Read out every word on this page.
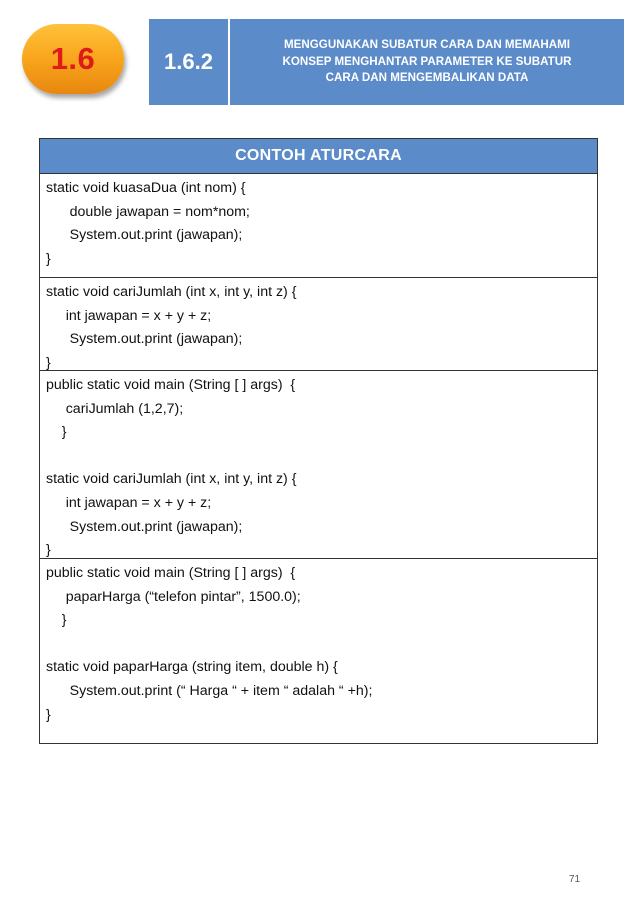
1.6	1.6.2
MENGGUNAKAN SUBATUR CARA DAN MEMAHAMI
KONSEP MENGHANTAR PARAMETER KE SUBATUR
CARA DAN MENGEMBALIKAN DATA
CONTOH ATURCARA
static void kuasaDua (int nom) {
double jawapan = nom*nom;
System.out.print (jawapan);
}
static void cariJumlah (int x, int y, int z) {
int jawapan = x + y + z;
System.out.print (jawapan);
}
public static void main (String [ ] args)  {
cariJumlah (1,2,7);
}
static void cariJumlah (int x, int y, int z) {
int jawapan = x + y + z;
System.out.print (jawapan);
}
public static void main (String [ ] args)  {
paparHarga (“telefon pintar”, 1500.0);
}
static void paparHarga (string item, double h) {
System.out.print (“ Harga “ + item “ adalah “ +h);
}
71
